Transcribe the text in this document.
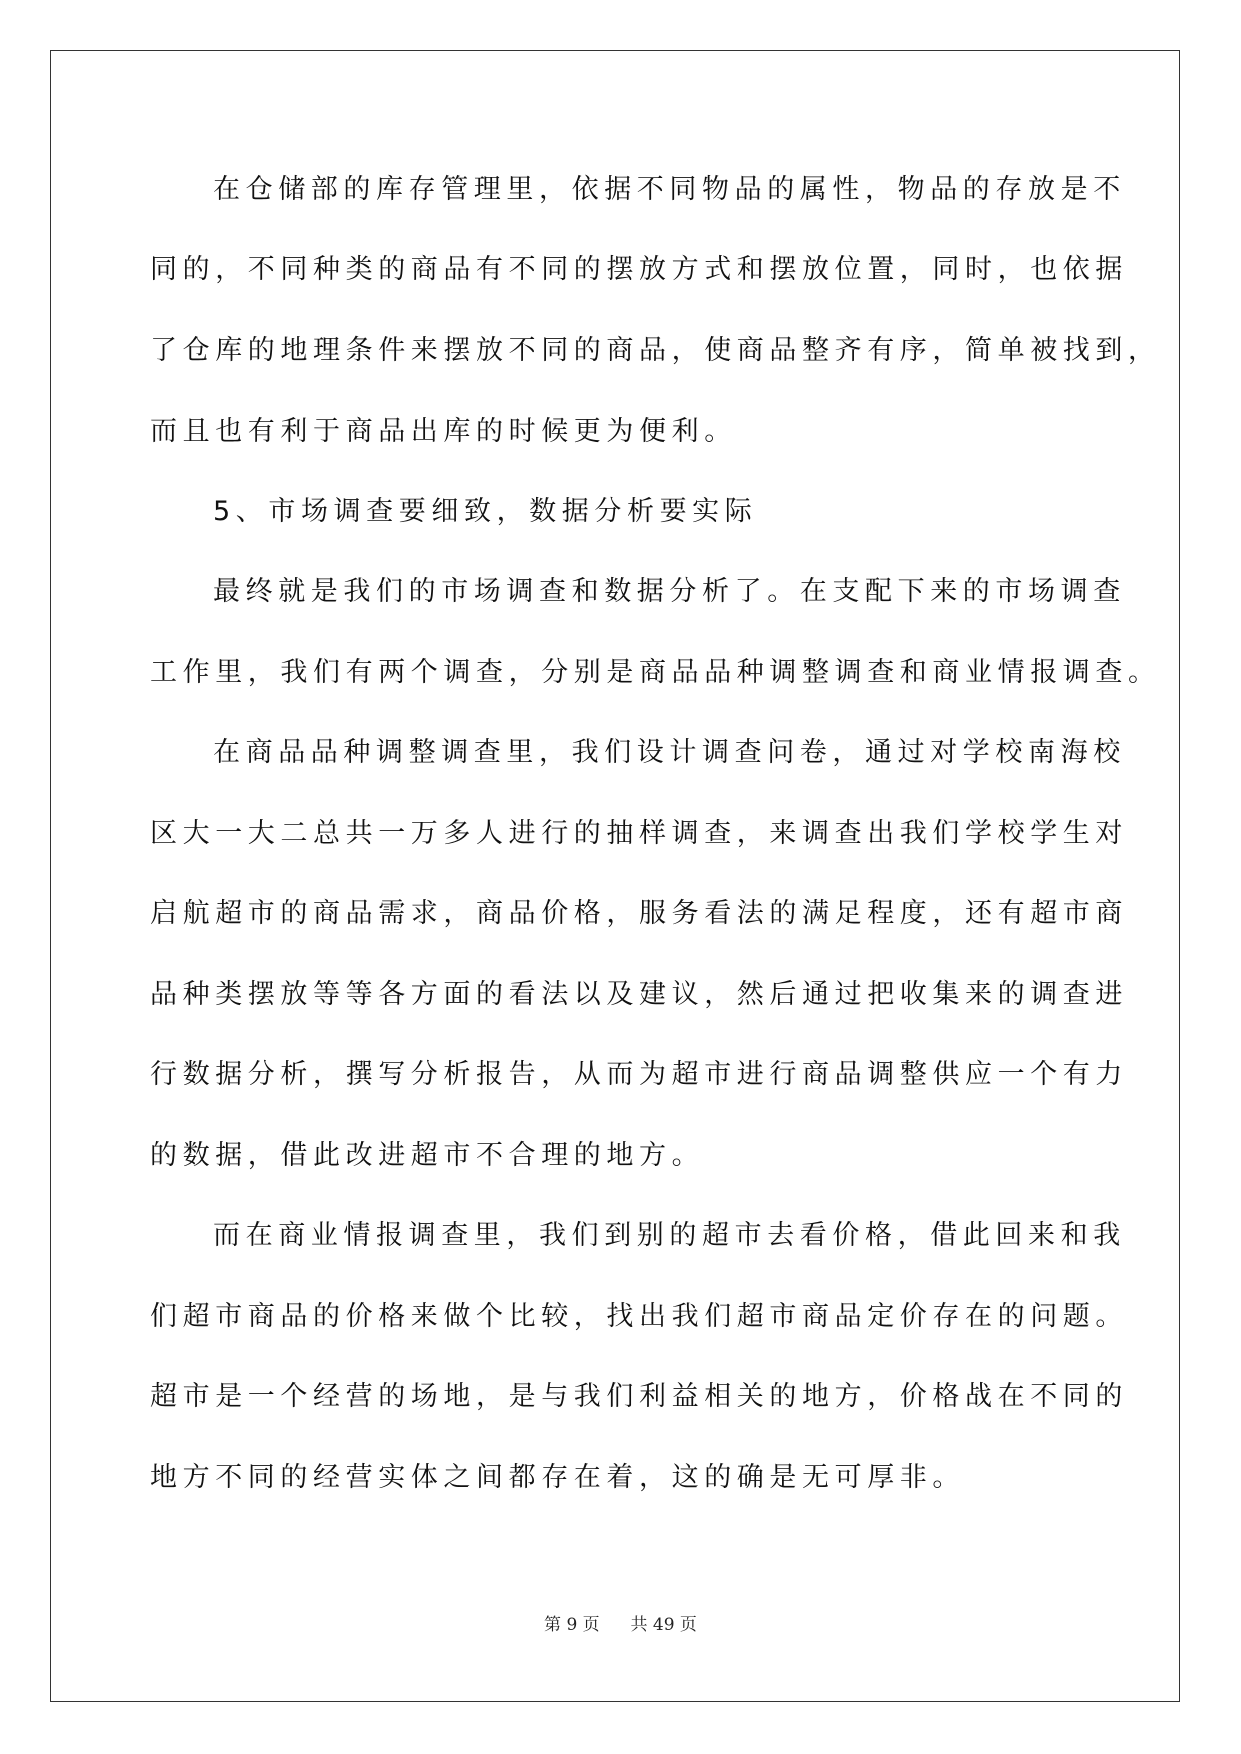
在仓储部的库存管理里，依据不同物品的属性，物品的存放是不
同的，不同种类的商品有不同的摆放方式和摆放位置，同时，也依据
了仓库的地理条件来摆放不同的商品，使商品整齐有序，简单被找到，
而且也有利于商品出库的时候更为便利。
5、市场调查要细致，数据分析要实际
最终就是我们的市场调查和数据分析了。在支配下来的市场调查
工作里，我们有两个调查，分别是商品品种调整调查和商业情报调查。
在商品品种调整调查里，我们设计调查问卷，通过对学校南海校
区大一大二总共一万多人进行的抽样调查，来调查出我们学校学生对
启航超市的商品需求，商品价格，服务看法的满足程度，还有超市商
品种类摆放等等各方面的看法以及建议，然后通过把收集来的调查进
行数据分析，撰写分析报告，从而为超市进行商品调整供应一个有力
的数据，借此改进超市不合理的地方。
而在商业情报调查里，我们到别的超市去看价格，借此回来和我
们超市商品的价格来做个比较，找出我们超市商品定价存在的问题。
超市是一个经营的场地，是与我们利益相关的地方，价格战在不同的
地方不同的经营实体之间都存在着，这的确是无可厚非。
第 9 页 共 49 页
